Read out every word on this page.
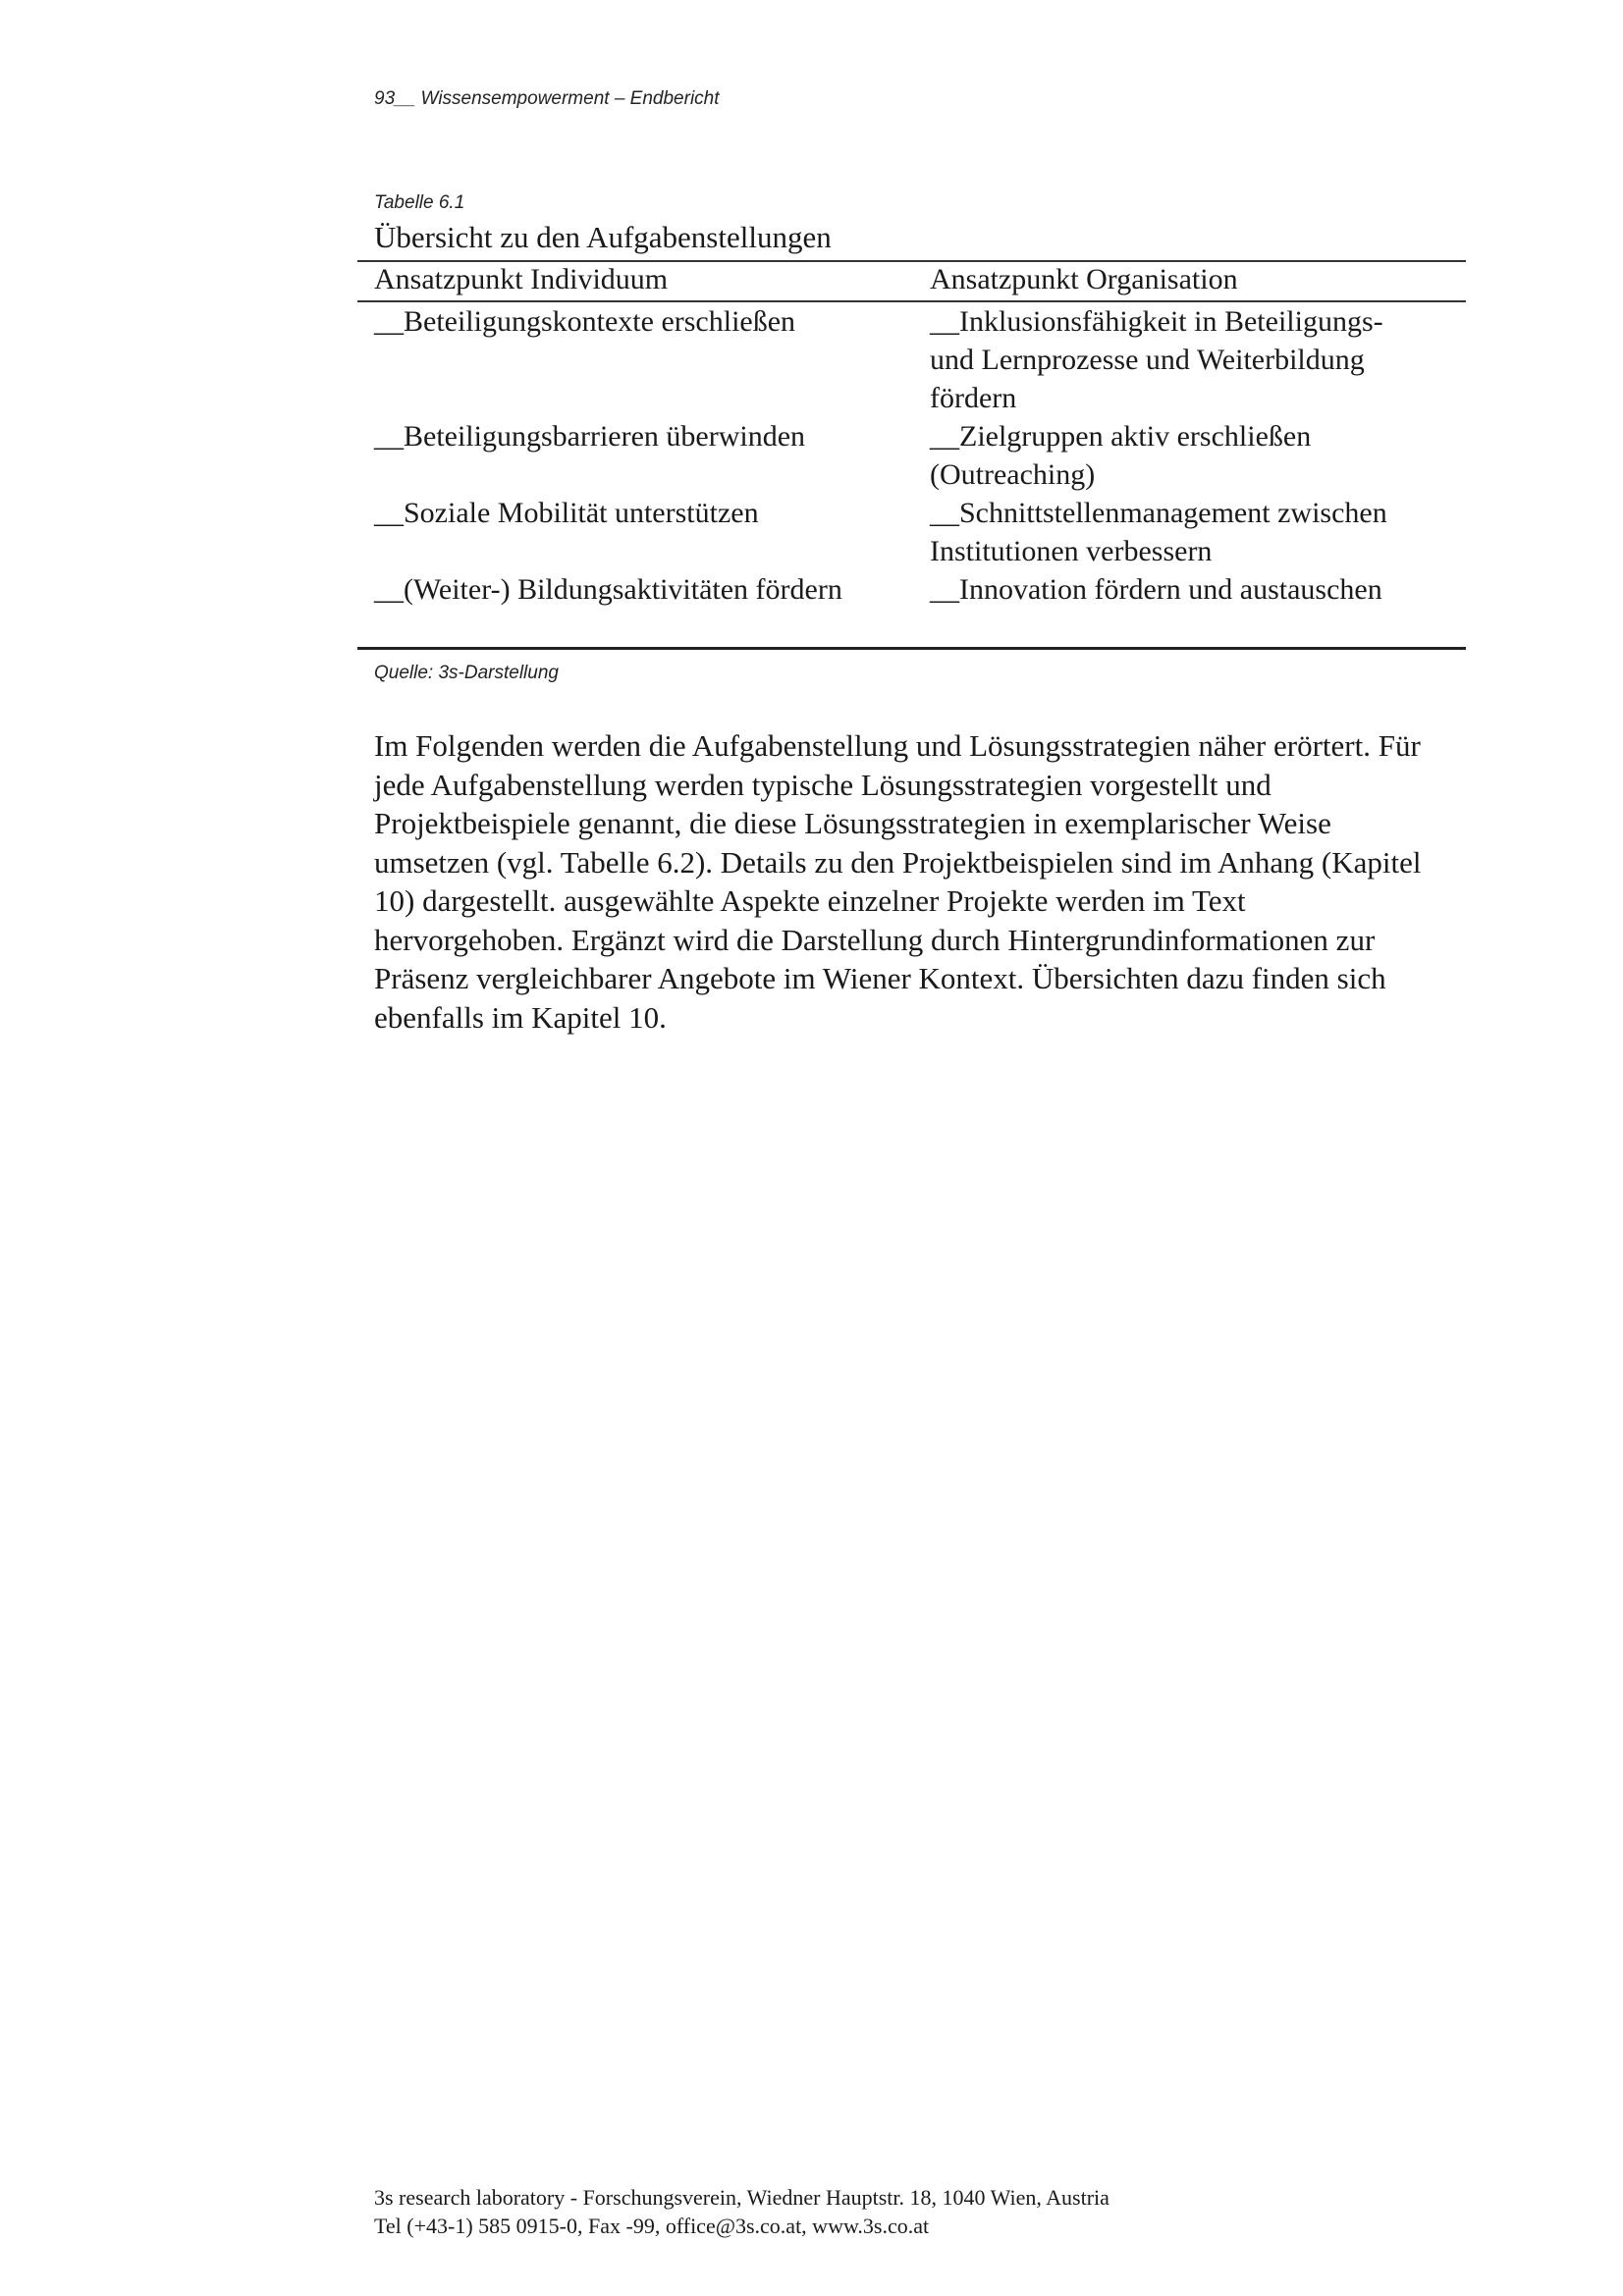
93__ Wissensempowerment – Endbericht
Tabelle 6.1
Übersicht zu den Aufgabenstellungen
Ansatzpunkt Individuum	Ansatzpunkt Organisation
__Beteiligungskontexte erschließen	__Inklusionsfähigkeit in Beteiligungs-
und Lernprozesse und Weiterbildung
fördern
__Beteiligungsbarrieren überwinden	__Zielgruppen aktiv erschließen
(Outreaching)
__Soziale Mobilität unterstützen	__Schnittstellenmanagement zwischen
Institutionen verbessern
__(Weiter-) Bildungsaktivitäten fördern	__Innovation fördern und austauschen
Quelle: 3s-Darstellung
Im Folgenden werden die Aufgabenstellung und Lösungsstrategien näher erörtert. Für
jede Aufgabenstellung werden typische Lösungsstrategien vorgestellt und
Projektbeispiele genannt, die diese Lösungsstrategien in exemplarischer Weise
umsetzen (vgl. Tabelle 6.2). Details zu den Projektbeispielen sind im Anhang (Kapitel
10) dargestellt. ausgewählte Aspekte einzelner Projekte werden im Text
hervorgehoben. Ergänzt wird die Darstellung durch Hintergrundinformationen zur
Präsenz vergleichbarer Angebote im Wiener Kontext. Übersichten dazu finden sich
ebenfalls im Kapitel 10.
3s research laboratory - Forschungsverein, Wiedner Hauptstr. 18, 1040 Wien, Austria
Tel (+43-1) 585 0915-0, Fax -99, office@3s.co.at, www.3s.co.at
